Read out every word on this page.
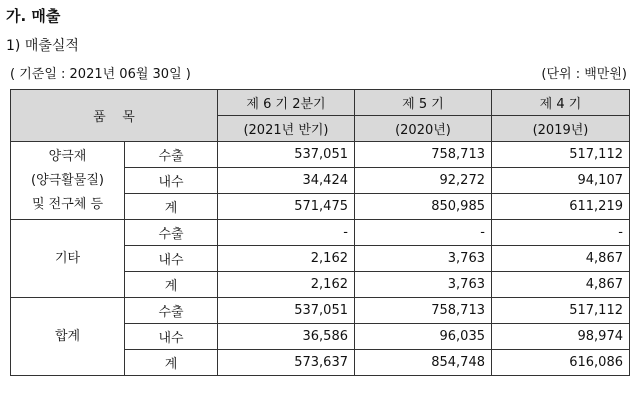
가. 매출
1) 매출실적
( 기준일 : 2021년 06월 30일 )	(단위 : 백만원)
품    목		제 6 기 2분기	제 5 기	제 4 기
		(2021년 반기)	(2020년)	(2019년)

양극재
(양극활물질)
및 전구체 등	수출	537,051	758,713	517,112
	내수	34,424	92,272	94,107
	계	571,475	850,985	611,219

기타	수출	-	-	-
	내수	2,162	3,763	4,867
	계	2,162	3,763	4,867

합계	수출	537,051	758,713	517,112
	내수	36,586	96,035	98,974
	계	573,637	854,748	616,086
